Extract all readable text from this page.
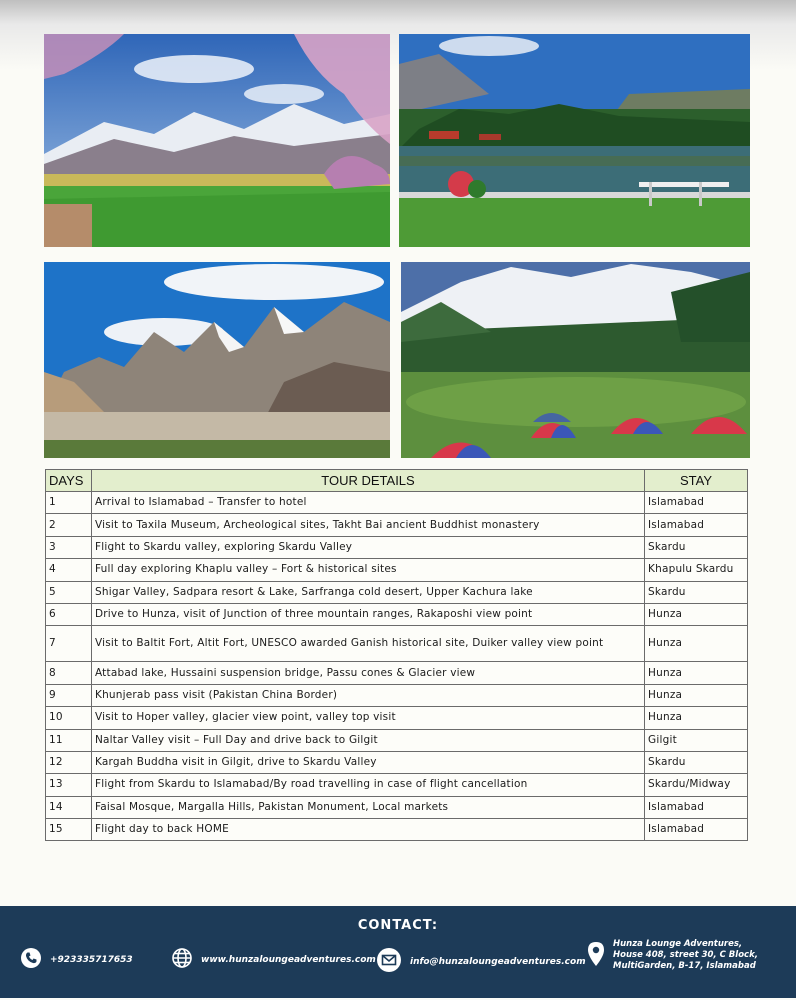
DAYS	TOUR DETAILS	STAY
1	Arrival to Islamabad – Transfer to hotel	Islamabad
2	Visit to Taxila Museum, Archeological sites, Takht Bai ancient Buddhist monastery	Islamabad
3	Flight to Skardu valley, exploring Skardu Valley	Skardu
4	Full day exploring Khaplu valley – Fort & historical sites	Khapulu Skardu
5	Shigar Valley, Sadpara resort & Lake, Sarfranga cold desert, Upper Kachura lake	Skardu
6	Drive to Hunza, visit of Junction of three mountain ranges, Rakaposhi view point	Hunza
7	Visit to Baltit Fort, Altit Fort, UNESCO awarded Ganish historical site, Duiker valley view point	Hunza
8	Attabad lake, Hussaini suspension bridge, Passu cones & Glacier view	Hunza
9	Khunjerab pass visit (Pakistan China Border)	Hunza
10	Visit to Hoper valley, glacier view point, valley top visit	Hunza
11	Naltar Valley visit – Full Day and drive back to Gilgit	Gilgit
12	Kargah Buddha visit in Gilgit, drive to Skardu Valley	Skardu
13	Flight from Skardu to Islamabad/By road travelling in case of flight cancellation	Skardu/Midway
14	Faisal Mosque, Margalla Hills, Pakistan Monument, Local markets	Islamabad
15	Flight day to back HOME	Islamabad
CONTACT:
+923335717653	www.hunzaloungeadventures.com	info@hunzaloungeadventures.com
Hunza Lounge Adventures,
House 408, street 30, C Block,
MultiGarden, B-17, Islamabad
